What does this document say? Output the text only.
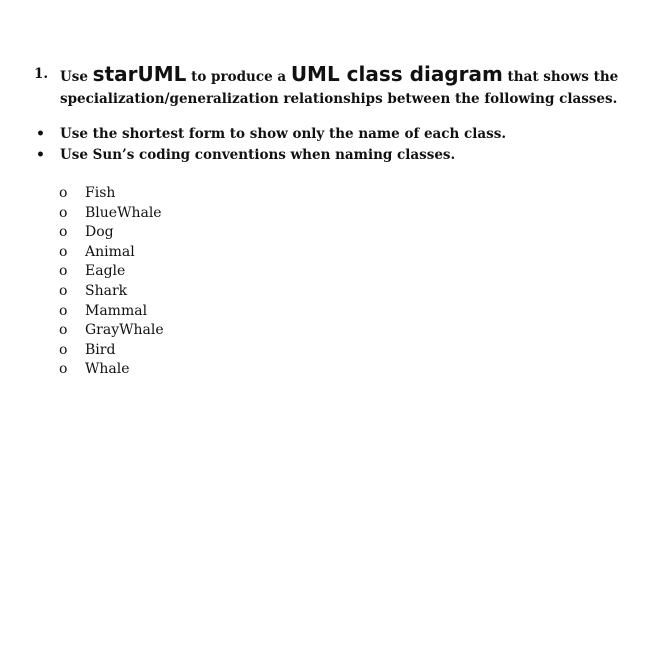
1. Use starUML to produce a UML class diagram that shows the specialization/generalization relationships between the following classes.
• Use the shortest form to show only the name of each class.
• Use Sun’s coding conventions when naming classes.
o Fish
o BlueWhale
o Dog
o Animal
o Eagle
o Shark
o Mammal
o GrayWhale
o Bird
o Whale
